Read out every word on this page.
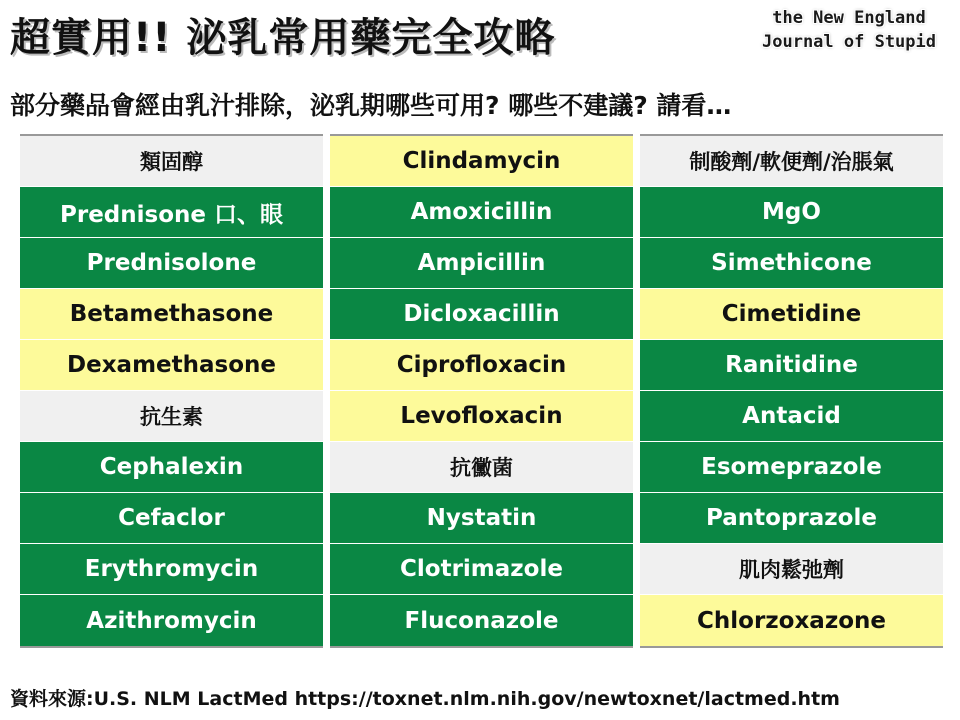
超實用!! 泌乳常用藥完全攻略	the New England
Journal of Stupid
部分藥品會經由乳汁排除，泌乳期哪些可用? 哪些不建議? 請看…
類固醇
Prednisone 口、眼
Prednisolone
Betamethasone
Dexamethasone
抗生素
Cephalexin
Cefaclor
Erythromycin
Azithromycin
Clindamycin
Amoxicillin
Ampicillin
Dicloxacillin
Ciprofloxacin
Levofloxacin
抗黴菌
Nystatin
Clotrimazole
Fluconazole
制酸劑/軟便劑/治脹氣
MgO
Simethicone
Cimetidine
Ranitidine
Antacid
Esomeprazole
Pantoprazole
肌肉鬆弛劑
Chlorzoxazone
資料來源:U.S. NLM LactMed https://toxnet.nlm.nih.gov/newtoxnet/lactmed.htm
